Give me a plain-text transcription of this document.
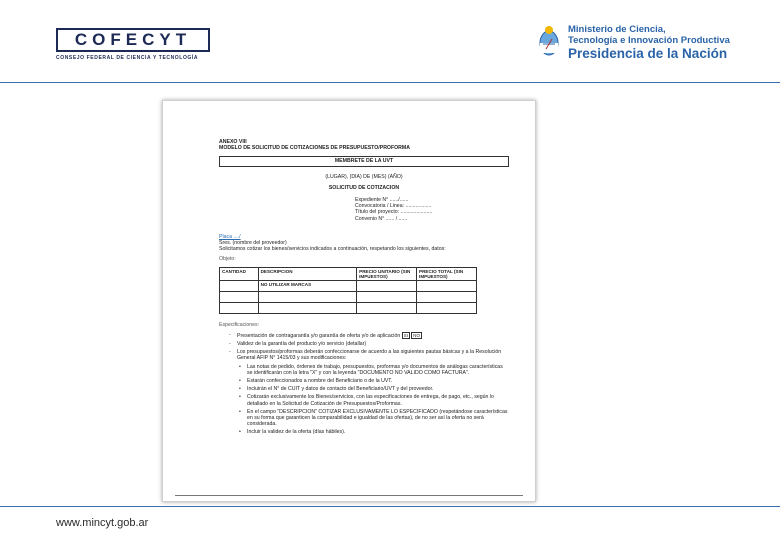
COFECYT
CONSEJO FEDERAL DE CIENCIA Y TECNOLOGÍA
Ministerio de Ciencia,
Tecnología e Innovación Productiva
Presidencia de la Nación
ANEXO VIII
MODELO DE SOLICITUD DE COTIZACIONES DE PRESUPUESTO/PROFORMA
MEMBRETE DE LA UVT
(LUGAR), (DIA) DE (MES) (AÑO)
SOLICITUD DE COTIZACION
Expediente N° ....../......
Convocatoria / Linea: ..................
Título del proyecto: ......................
Convenio N° ...... / ......
Placa ..../
Sres. (nombre del proveedor)
Solicitamos cotizar los bienes/servicios indicados a continuación, respetando los siguientes, datos:
Objeto:
CANTIDAD	DESCRIPCION	PRECIO UNITARIO (SIN IMPUESTOS)	PRECIO TOTAL (SIN IMPUESTOS)
	NO UTILIZAR MARCAS		

Especificaciones:
- Presentación de contragarantía y/o garantía de oferta y/o de aplicación SI NO
- Validez de la garantía del producto y/o servicio (detallar)
- Los presupuestos/proformas deberán confeccionarse de acuerdo a las siguientes pautas básicas y a la Resolución General AFIP N° 1415/03 y sus modificaciones:
• Las notas de pedido, órdenes de trabajo, presupuestos, proformas y/o documentos de análogas características se identificarán con la letra "X" y con la leyenda "DOCUMENTO NO VALIDO COMO FACTURA".
• Estarán confeccionados a nombre del Beneficiario o de la UVT.
• Incluirán el N° de CUIT y datos de contacto del Beneficiario/UVT y del proveedor.
• Cotizarán exclusivamente los Bienes/servicios, con las especificaciones de entrega, de pago, etc., según lo detallado en la Solicitud de Cotización de Presupuestos/Proformas.
• En el campo "DESCRIPCION" COTIZAR EXCLUSIVAMENTE LO ESPECIFICADO (respetándose características en su forma que garanticen la comparabilidad e igualdad de las ofertas), de no ser así la oferta no será considerada.
• Incluir la validez de la oferta (días hábiles).
www.mincyt.gob.ar
